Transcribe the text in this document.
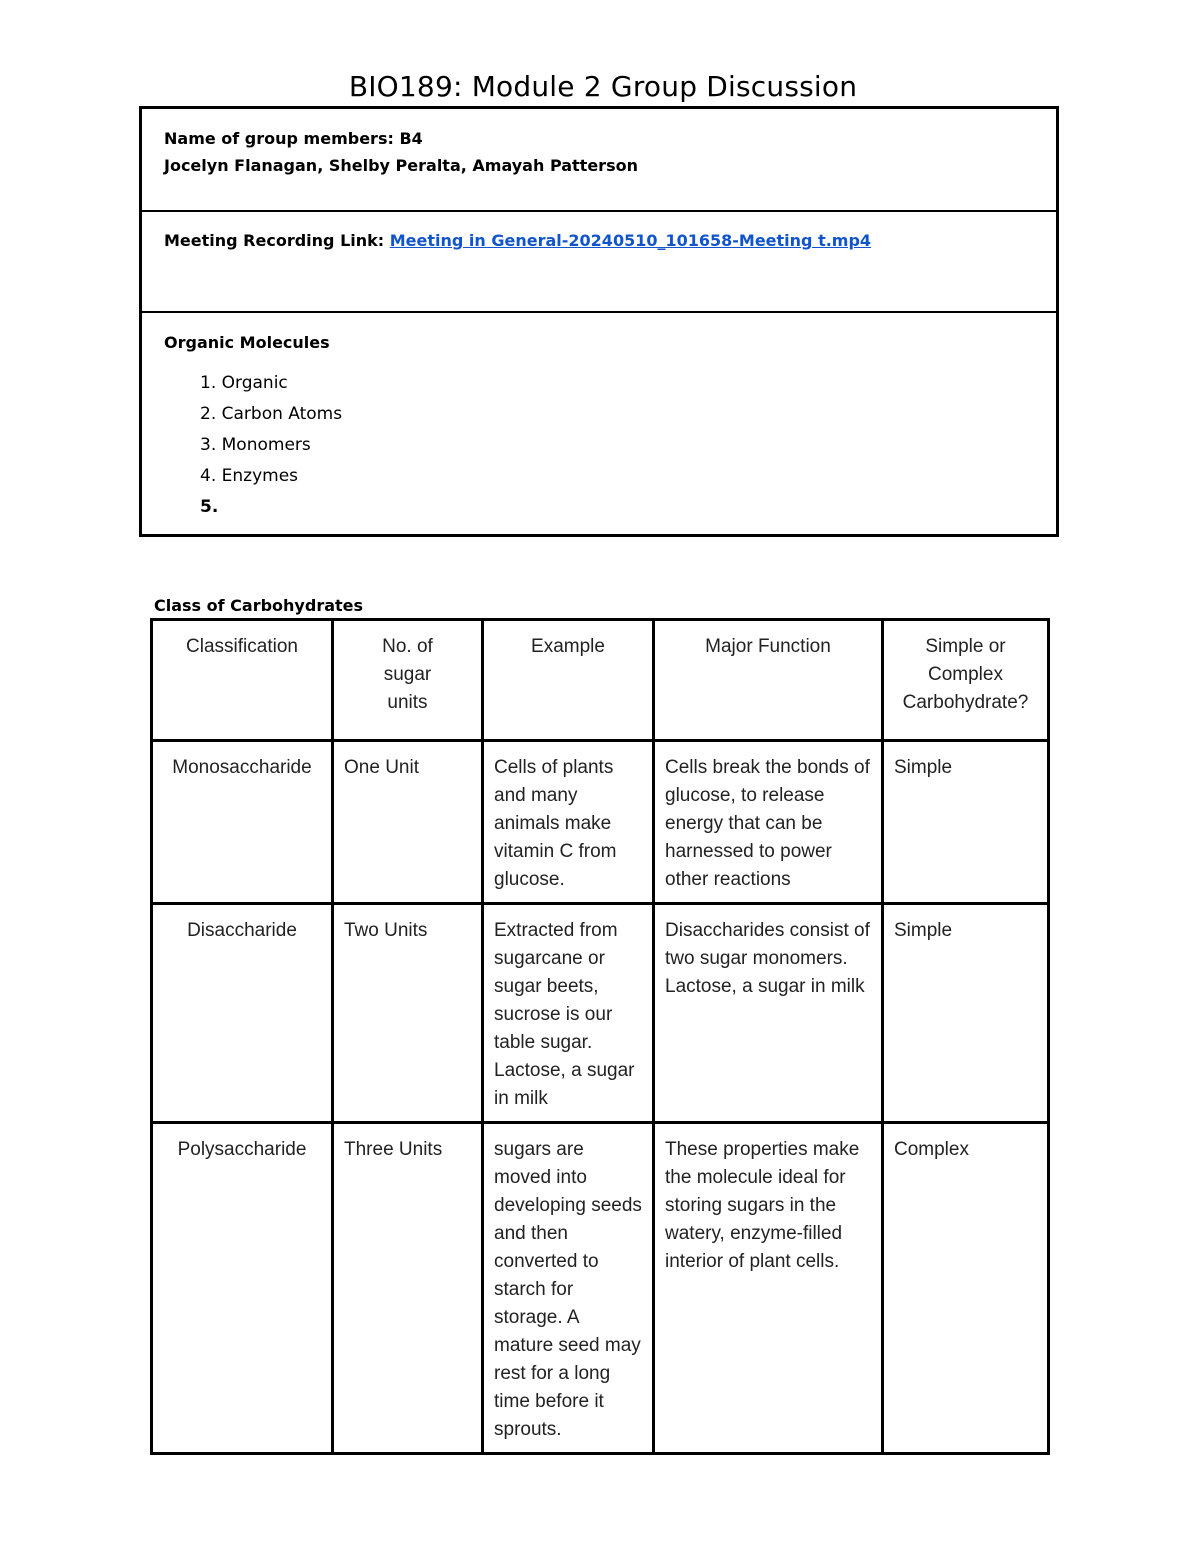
BIO189: Module 2 Group Discussion
Name of group members: B4
Jocelyn Flanagan, Shelby Peralta, Amayah Patterson
Meeting Recording Link: Meeting in General-20240510_101658-Meeting t.mp4
Organic Molecules
1. Organic
2. Carbon Atoms
3. Monomers
4. Enzymes
5.
Class of Carbohydrates
Classification	No. of sugar units	Example	Major Function	Simple or Complex Carbohydrate?
Monosaccharide	One Unit	Cells of plants and many animals make vitamin C from glucose.	Cells break the bonds of glucose, to release energy that can be harnessed to power other reactions	Simple
Disaccharide	Two Units	Extracted from sugarcane or sugar beets, sucrose is our table sugar. Lactose, a sugar in milk	Disaccharides consist of two sugar monomers. Lactose, a sugar in milk	Simple
Polysaccharide	Three Units	sugars are moved into developing seeds and then converted to starch for storage. A mature seed may rest for a long time before it sprouts.	These properties make the molecule ideal for storing sugars in the watery, enzyme-filled interior of plant cells.	Complex
